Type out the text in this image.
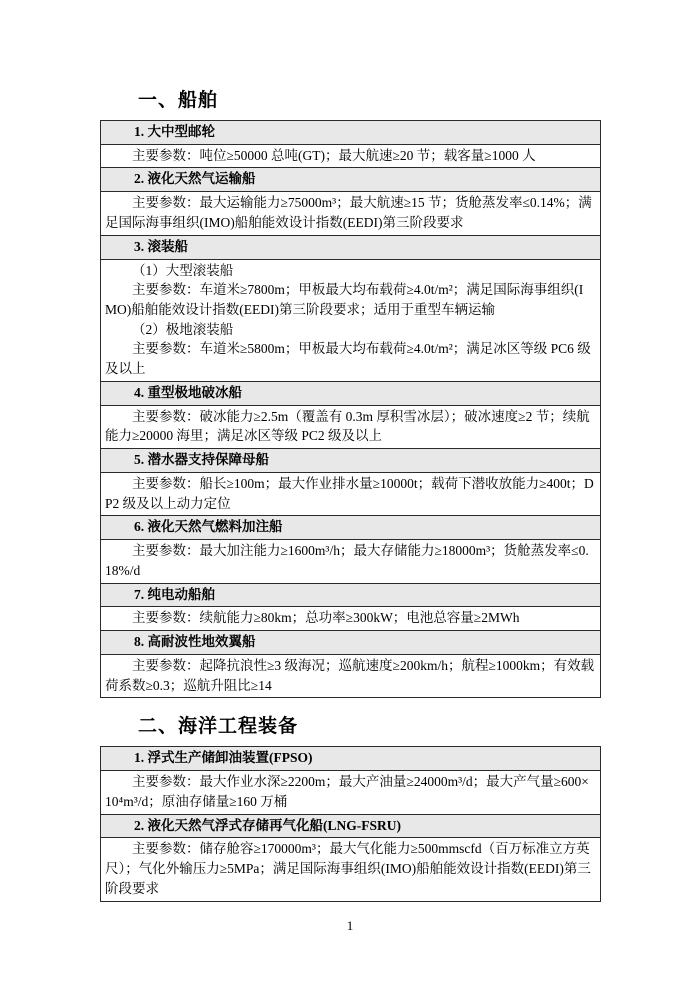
一、船舶
1. 大中型邮轮

主要参数：吨位≥50000 总吨(GT)；最大航速≥20 节；载客量≥1000 人

2. 液化天然气运输船

主要参数：最大运输能力≥75000m³；最大航速≥15 节；货舱蒸发率≤0.14%；满足国际海事组织(IMO)船舶能效设计指数(EEDI)第三阶段要求

3. 滚装船

（1）大型滚装船

主要参数：车道米≥7800m；甲板最大均布载荷≥4.0t/m²；满足国际海事组织(IMO)船舶能效设计指数(EEDI)第三阶段要求；适用于重型车辆运输

（2）极地滚装船

主要参数：车道米≥5800m；甲板最大均布载荷≥4.0t/m²；满足冰区等级 PC6 级及以上

4. 重型极地破冰船

主要参数：破冰能力≥2.5m（覆盖有 0.3m 厚积雪冰层）；破冰速度≥2 节；续航能力≥20000 海里；满足冰区等级 PC2 级及以上

5. 潜水器支持保障母船

主要参数：船长≥100m；最大作业排水量≥10000t；载荷下潜收放能力≥400t；DP2 级及以上动力定位

6. 液化天然气燃料加注船

主要参数：最大加注能力≥1600m³/h；最大存储能力≥18000m³；货舱蒸发率≤0.18%/d

7. 纯电动船舶

主要参数：续航能力≥80km；总功率≥300kW；电池总容量≥2MWh

8. 高耐波性地效翼船

主要参数：起降抗浪性≥3 级海况；巡航速度≥200km/h；航程≥1000km；有效载荷系数≥0.3；巡航升阻比≥14

二、海洋工程装备
1. 浮式生产储卸油装置(FPSO)

主要参数：最大作业水深≥2200m；最大产油量≥24000m³/d；最大产气量≥600×10⁴m³/d；原油存储量≥160 万桶

2. 液化天然气浮式存储再气化船(LNG-FSRU)

主要参数：储存舱容≥170000m³；最大气化能力≥500mmscfd（百万标准立方英尺）；气化外输压力≥5MPa；满足国际海事组织(IMO)船舶能效设计指数(EEDI)第三阶段要求

1
